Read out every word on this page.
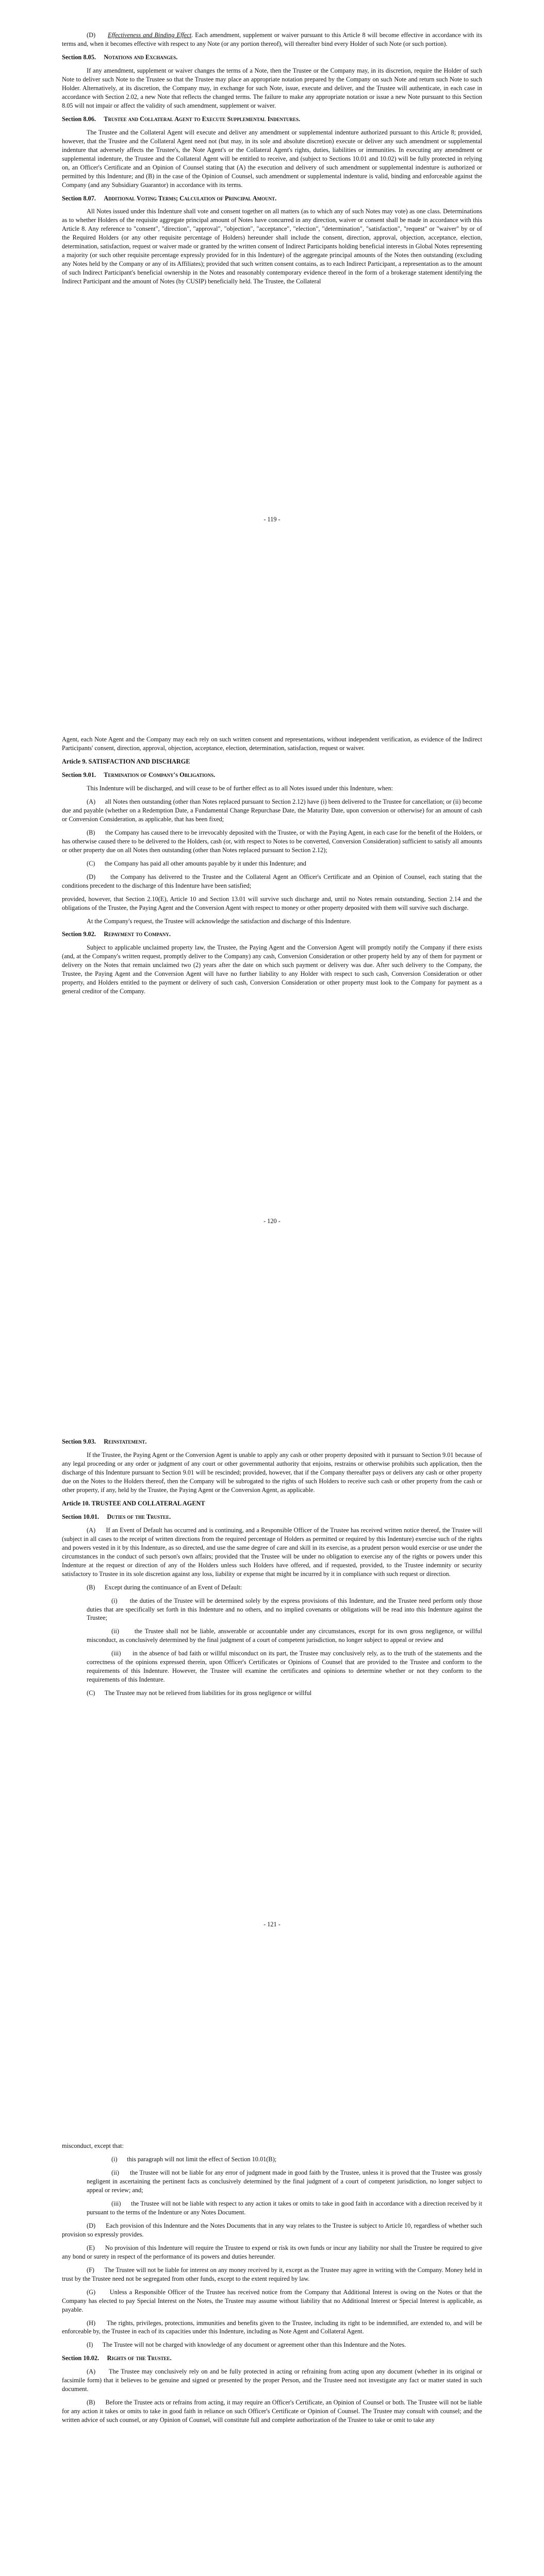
(D) Effectiveness and Binding Effect. Each amendment, supplement or waiver pursuant to this Article 8 will become effective in accordance with its terms and, when it becomes effective with respect to any Note (or any portion thereof), will thereafter bind every Holder of such Note (or such portion).

Section 8.05. Notations and Exchanges.

If any amendment, supplement or waiver changes the terms of a Note, then the Trustee or the Company may, in its discretion, require the Holder of such Note to deliver such Note to the Trustee so that the Trustee may place an appropriate notation prepared by the Company on such Note and return such Note to such Holder. Alternatively, at its discretion, the Company may, in exchange for such Note, issue, execute and deliver, and the Trustee will authenticate, in each case in accordance with Section 2.02, a new Note that reflects the changed terms. The failure to make any appropriate notation or issue a new Note pursuant to this Section 8.05 will not impair or affect the validity of such amendment, supplement or waiver.

Section 8.06. Trustee and Collateral Agent to Execute Supplemental Indentures.

The Trustee and the Collateral Agent will execute and deliver any amendment or supplemental indenture authorized pursuant to this Article 8; provided, however, that the Trustee and the Collateral Agent need not (but may, in its sole and absolute discretion) execute or deliver any such amendment or supplemental indenture that adversely affects the Trustee's, the Note Agent's or the Collateral Agent's rights, duties, liabilities or immunities. In executing any amendment or supplemental indenture, the Trustee and the Collateral Agent will be entitled to receive, and (subject to Sections 10.01 and 10.02) will be fully protected in relying on, an Officer's Certificate and an Opinion of Counsel stating that (A) the execution and delivery of such amendment or supplemental indenture is authorized or permitted by this Indenture; and (B) in the case of the Opinion of Counsel, such amendment or supplemental indenture is valid, binding and enforceable against the Company (and any Subsidiary Guarantor) in accordance with its terms.

Section 8.07. Additional Voting Terms; Calculation of Principal Amount.

All Notes issued under this Indenture shall vote and consent together on all matters (as to which any of such Notes may vote) as one class. Determinations as to whether Holders of the requisite aggregate principal amount of Notes have concurred in any direction, waiver or consent shall be made in accordance with this Article 8. Any reference to "consent", "direction", "approval", "objection", "acceptance", "election", "determination", "satisfaction", "request" or "waiver" by or of the Required Holders (or any other requisite percentage of Holders) hereunder shall include the consent, direction, approval, objection, acceptance, election, determination, satisfaction, request or waiver made or granted by the written consent of Indirect Participants holding beneficial interests in Global Notes representing a majority (or such other requisite percentage expressly provided for in this Indenture) of the aggregate principal amounts of the Notes then outstanding (excluding any Notes held by the Company or any of its Affiliates); provided that such written consent contains, as to each Indirect Participant, a representation as to the amount of such Indirect Participant's beneficial ownership in the Notes and reasonably contemporary evidence thereof in the form of a brokerage statement identifying the Indirect Participant and the amount of Notes (by CUSIP) beneficially held. The Trustee, the Collateral

- 119 -

Agent, each Note Agent and the Company may each rely on such written consent and representations, without independent verification, as evidence of the Indirect Participants' consent, direction, approval, objection, acceptance, election, determination, satisfaction, request or waiver.

Article 9. SATISFACTION AND DISCHARGE

Section 9.01. Termination of Company's Obligations.

This Indenture will be discharged, and will cease to be of further effect as to all Notes issued under this Indenture, when:

(A) all Notes then outstanding (other than Notes replaced pursuant to Section 2.12) have (i) been delivered to the Trustee for cancellation; or (ii) become due and payable (whether on a Redemption Date, a Fundamental Change Repurchase Date, the Maturity Date, upon conversion or otherwise) for an amount of cash or Conversion Consideration, as applicable, that has been fixed;

(B) the Company has caused there to be irrevocably deposited with the Trustee, or with the Paying Agent, in each case for the benefit of the Holders, or has otherwise caused there to be delivered to the Holders, cash (or, with respect to Notes to be converted, Conversion Consideration) sufficient to satisfy all amounts or other property due on all Notes then outstanding (other than Notes replaced pursuant to Section 2.12);

(C) the Company has paid all other amounts payable by it under this Indenture; and

(D) the Company has delivered to the Trustee and the Collateral Agent an Officer's Certificate and an Opinion of Counsel, each stating that the conditions precedent to the discharge of this Indenture have been satisfied;

provided, however, that Section 2.10(E), Article 10 and Section 13.01 will survive such discharge and, until no Notes remain outstanding, Section 2.14 and the obligations of the Trustee, the Paying Agent and the Conversion Agent with respect to money or other property deposited with them will survive such discharge.

At the Company's request, the Trustee will acknowledge the satisfaction and discharge of this Indenture.

Section 9.02. Repayment to Company.

Subject to applicable unclaimed property law, the Trustee, the Paying Agent and the Conversion Agent will promptly notify the Company if there exists (and, at the Company's written request, promptly deliver to the Company) any cash, Conversion Consideration or other property held by any of them for payment or delivery on the Notes that remain unclaimed two (2) years after the date on which such payment or delivery was due. After such delivery to the Company, the Trustee, the Paying Agent and the Conversion Agent will have no further liability to any Holder with respect to such cash, Conversion Consideration or other property, and Holders entitled to the payment or delivery of such cash, Conversion Consideration or other property must look to the Company for payment as a general creditor of the Company.

- 120 -

Section 9.03. Reinstatement.

If the Trustee, the Paying Agent or the Conversion Agent is unable to apply any cash or other property deposited with it pursuant to Section 9.01 because of any legal proceeding or any order or judgment of any court or other governmental authority that enjoins, restrains or otherwise prohibits such application, then the discharge of this Indenture pursuant to Section 9.01 will be rescinded; provided, however, that if the Company thereafter pays or delivers any cash or other property due on the Notes to the Holders thereof, then the Company will be subrogated to the rights of such Holders to receive such cash or other property from the cash or other property, if any, held by the Trustee, the Paying Agent or the Conversion Agent, as applicable.

Article 10. TRUSTEE AND COLLATERAL AGENT

Section 10.01. Duties of the Trustee.

(A) If an Event of Default has occurred and is continuing, and a Responsible Officer of the Trustee has received written notice thereof, the Trustee will (subject in all cases to the receipt of written directions from the required percentage of Holders as permitted or required by this Indenture) exercise such of the rights and powers vested in it by this Indenture, as so directed, and use the same degree of care and skill in its exercise, as a prudent person would exercise or use under the circumstances in the conduct of such person's own affairs; provided that the Trustee will be under no obligation to exercise any of the rights or powers under this Indenture at the request or direction of any of the Holders unless such Holders have offered, and if requested, provided, to the Trustee indemnity or security satisfactory to Trustee in its sole discretion against any loss, liability or expense that might be incurred by it in compliance with such request or direction.

(B) Except during the continuance of an Event of Default:

(i) the duties of the Trustee will be determined solely by the express provisions of this Indenture, and the Trustee need perform only those duties that are specifically set forth in this Indenture and no others, and no implied covenants or obligations will be read into this Indenture against the Trustee;

(ii) the Trustee shall not be liable, answerable or accountable under any circumstances, except for its own gross negligence, or willful misconduct, as conclusively determined by the final judgment of a court of competent jurisdiction, no longer subject to appeal or review and

(iii) in the absence of bad faith or willful misconduct on its part, the Trustee may conclusively rely, as to the truth of the statements and the correctness of the opinions expressed therein, upon Officer's Certificates or Opinions of Counsel that are provided to the Trustee and conform to the requirements of this Indenture. However, the Trustee will examine the certificates and opinions to determine whether or not they conform to the requirements of this Indenture.

(C) The Trustee may not be relieved from liabilities for its gross negligence or willful

- 121 -

misconduct, except that:

(i) this paragraph will not limit the effect of Section 10.01(B);

(ii) the Trustee will not be liable for any error of judgment made in good faith by the Trustee, unless it is proved that the Trustee was grossly negligent in ascertaining the pertinent facts as conclusively determined by the final judgment of a court of competent jurisdiction, no longer subject to appeal or review; and;

(iii) the Trustee will not be liable with respect to any action it takes or omits to take in good faith in accordance with a direction received by it pursuant to the terms of the Indenture or any Notes Document.

(D) Each provision of this Indenture and the Notes Documents that in any way relates to the Trustee is subject to Article 10, regardless of whether such provision so expressly provides.

(E) No provision of this Indenture will require the Trustee to expend or risk its own funds or incur any liability nor shall the Trustee be required to give any bond or surety in respect of the performance of its powers and duties hereunder.

(F) The Trustee will not be liable for interest on any money received by it, except as the Trustee may agree in writing with the Company. Money held in trust by the Trustee need not be segregated from other funds, except to the extent required by law.

(G) Unless a Responsible Officer of the Trustee has received notice from the Company that Additional Interest is owing on the Notes or that the Company has elected to pay Special Interest on the Notes, the Trustee may assume without liability that no Additional Interest or Special Interest is applicable, as payable.

(H) The rights, privileges, protections, immunities and benefits given to the Trustee, including its right to be indemnified, are extended to, and will be enforceable by, the Trustee in each of its capacities under this Indenture, including as Note Agent and Collateral Agent.

(I) The Trustee will not be charged with knowledge of any document or agreement other than this Indenture and the Notes.

Section 10.02. Rights of the Trustee.

(A) The Trustee may conclusively rely on and be fully protected in acting or refraining from acting upon any document (whether in its original or facsimile form) that it believes to be genuine and signed or presented by the proper Person, and the Trustee need not investigate any fact or matter stated in such document.

(B) Before the Trustee acts or refrains from acting, it may require an Officer's Certificate, an Opinion of Counsel or both. The Trustee will not be liable for any action it takes or omits to take in good faith in reliance on such Officer's Certificate or Opinion of Counsel. The Trustee may consult with counsel; and the written advice of such counsel, or any Opinion of Counsel, will constitute full and complete authorization of the Trustee to take or omit to take any
